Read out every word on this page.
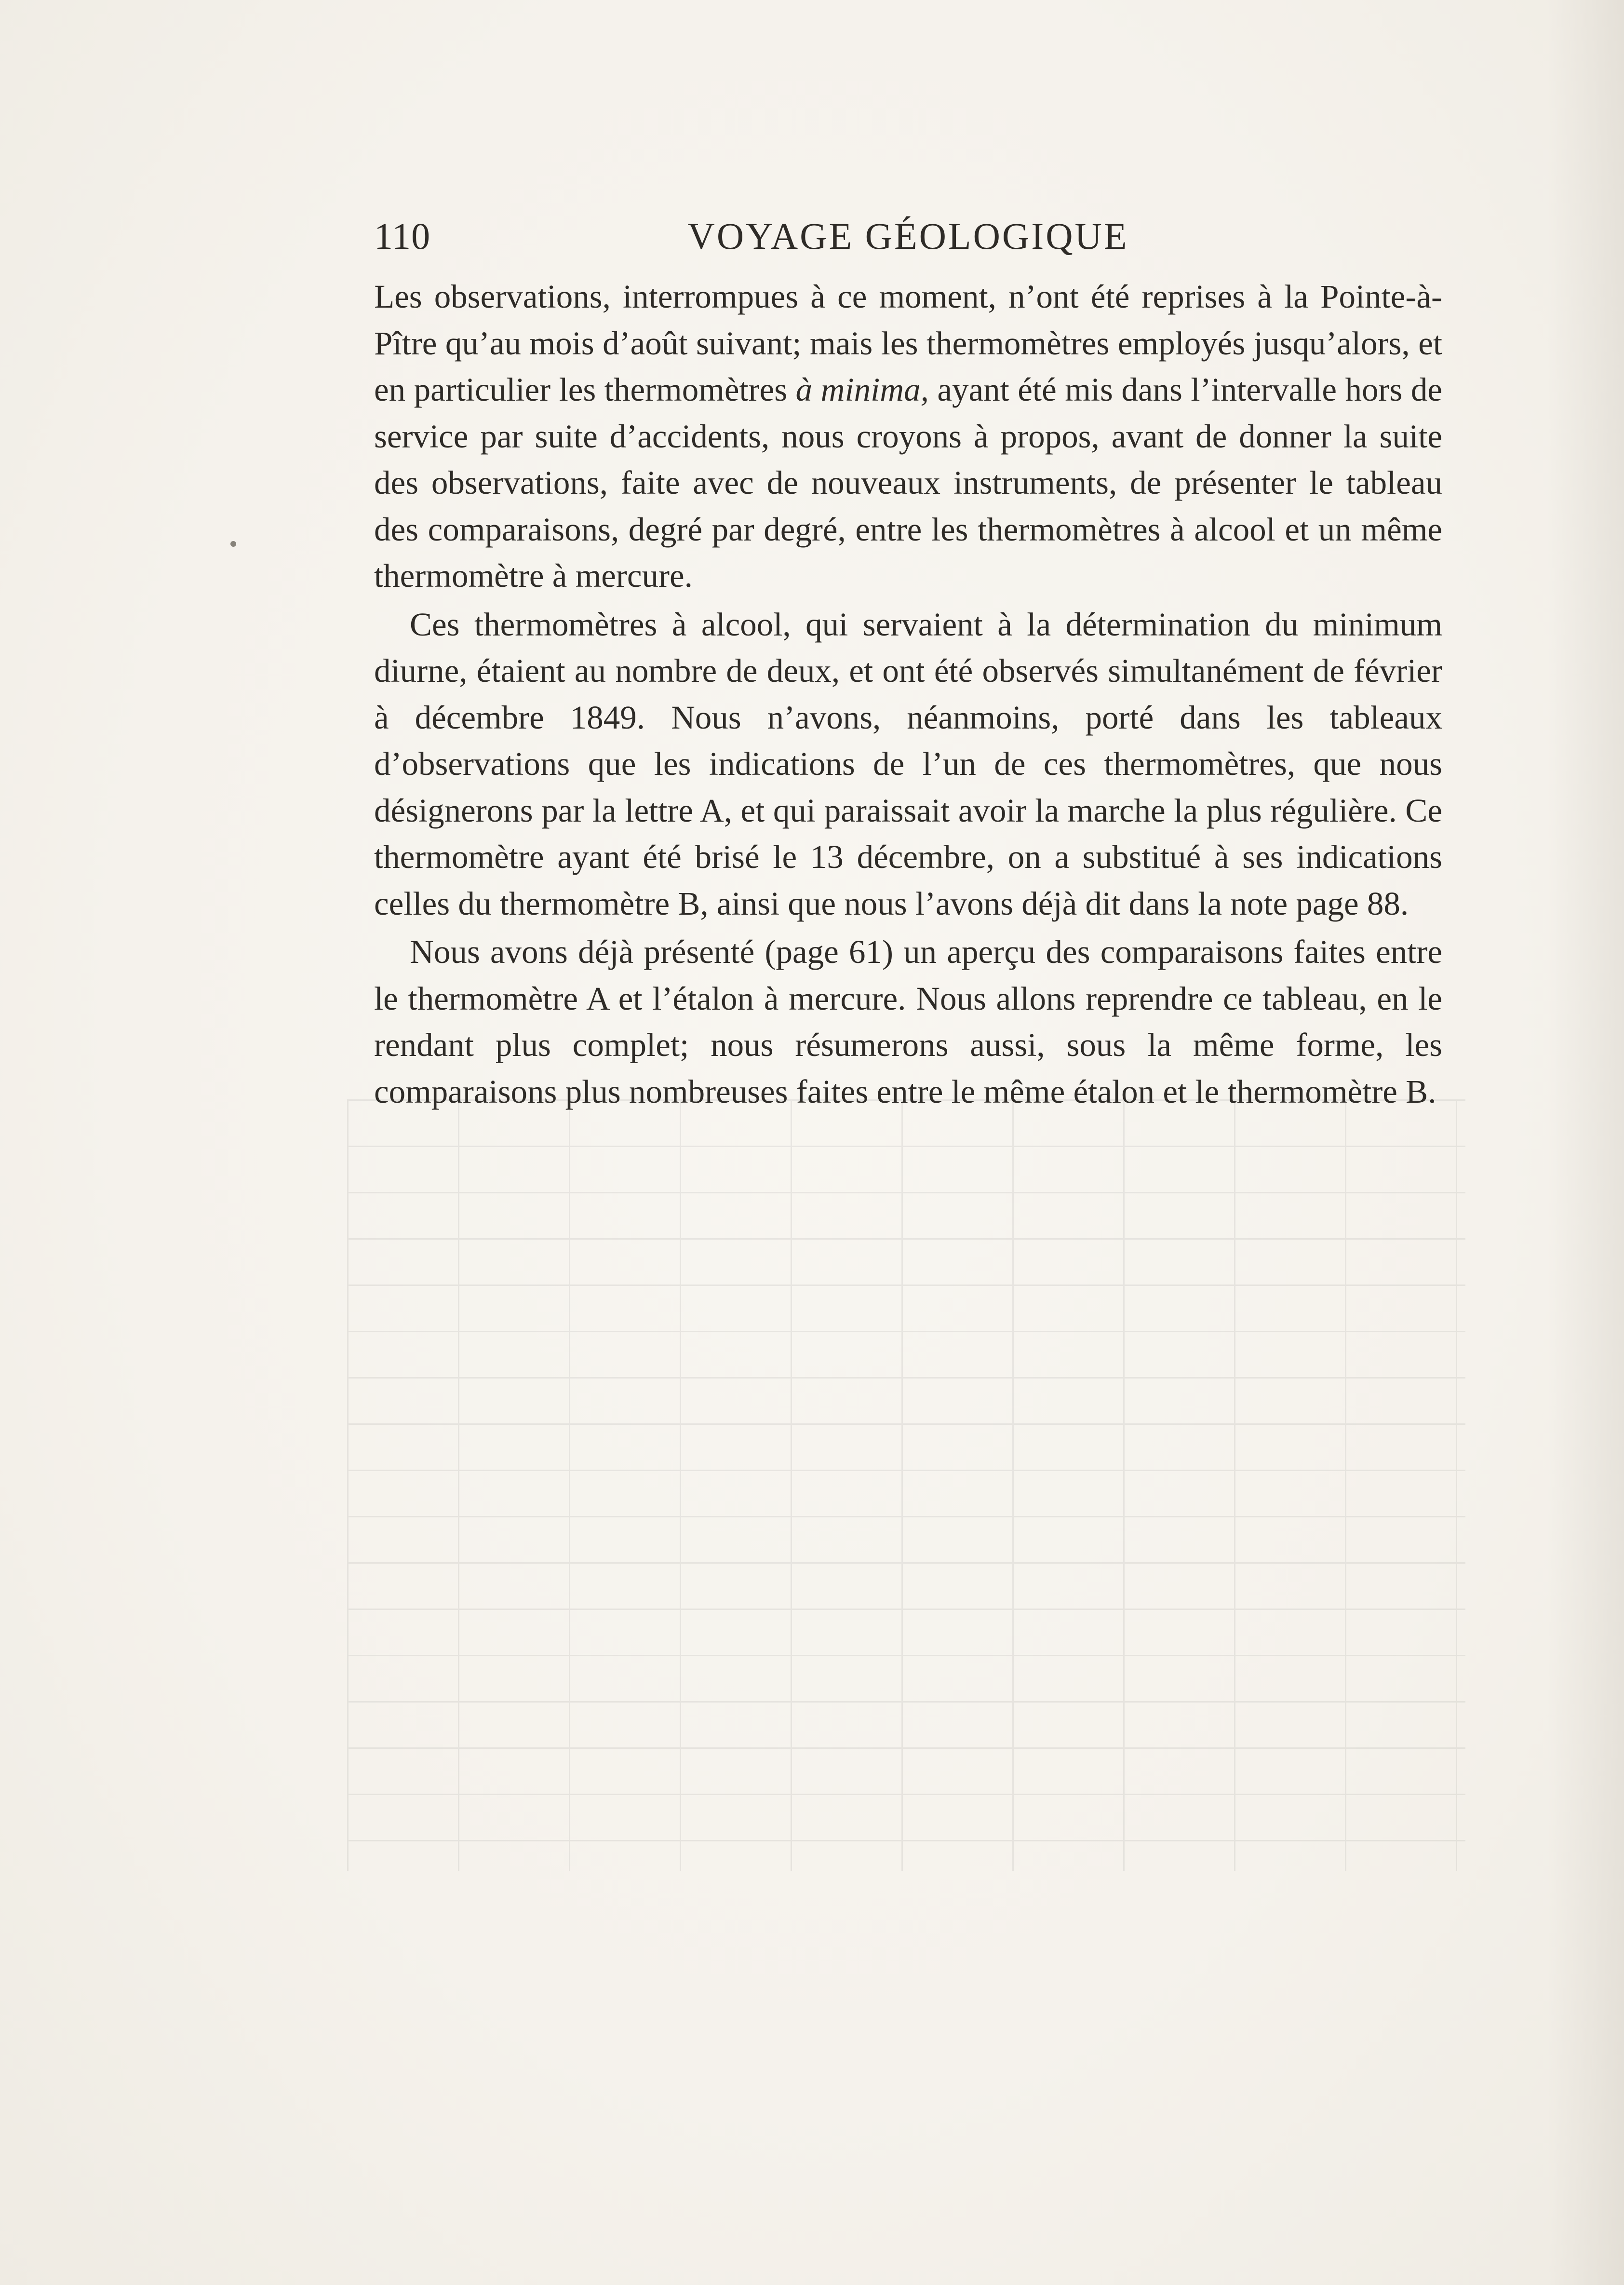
110	VOYAGE GÉOLOGIQUE

Les observations, interrompues à ce moment, n’ont été reprises à la Pointe-à-Pître qu’au mois d’août suivant; mais les thermomètres employés jusqu’alors, et en particulier les thermomètres à minima, ayant été mis dans l’intervalle hors de service par suite d’accidents, nous croyons à propos, avant de donner la suite des observations, faite avec de nouveaux instruments, de présenter le tableau des comparaisons, degré par degré, entre les thermomètres à alcool et un même thermomètre à mercure.

Ces thermomètres à alcool, qui servaient à la détermination du minimum diurne, étaient au nombre de deux, et ont été observés simultanément de février à décembre 1849. Nous n’avons, néanmoins, porté dans les tableaux d’observations que les indications de l’un de ces thermomètres, que nous désignerons par la lettre A, et qui paraissait avoir la marche la plus régulière. Ce thermomètre ayant été brisé le 13 décembre, on a substitué à ses indications celles du thermomètre B, ainsi que nous l’avons déjà dit dans la note page 88.

Nous avons déjà présenté (page 61) un aperçu des comparaisons faites entre le thermomètre A et l’étalon à mercure. Nous allons reprendre ce tableau, en le rendant plus complet; nous résumerons aussi, sous la même forme, les comparaisons plus nombreuses faites entre le même étalon et le thermomètre B.
